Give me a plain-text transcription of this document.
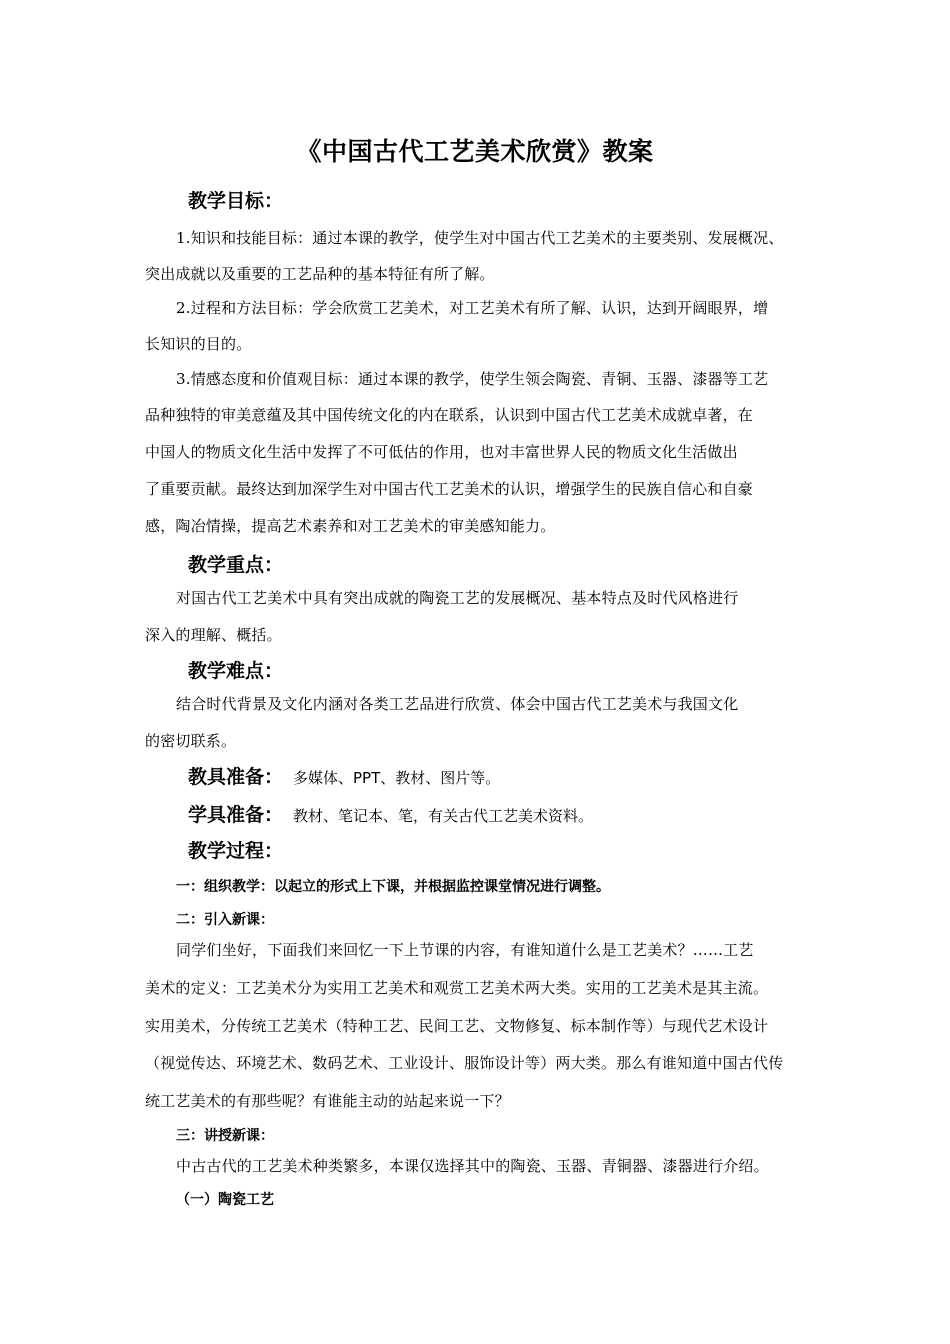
《中国古代工艺美术欣赏》教案
教学目标：
1.知识和技能目标：通过本课的教学，使学生对中国古代工艺美术的主要类别、发展概况、
突出成就以及重要的工艺品种的基本特征有所了解。
2.过程和方法目标：学会欣赏工艺美术，对工艺美术有所了解、认识，达到开阔眼界，增
长知识的目的。
3.情感态度和价值观目标：通过本课的教学，使学生领会陶瓷、青铜、玉器、漆器等工艺
品种独特的审美意蕴及其中国传统文化的内在联系，认识到中国古代工艺美术成就卓著，在
中国人的物质文化生活中发挥了不可低估的作用，也对丰富世界人民的物质文化生活做出
了重要贡献。最终达到加深学生对中国古代工艺美术的认识，增强学生的民族自信心和自豪
感，陶冶情操，提高艺术素养和对工艺美术的审美感知能力。
教学重点：
对国古代工艺美术中具有突出成就的陶瓷工艺的发展概况、基本特点及时代风格进行
深入的理解、概括。
教学难点：
结合时代背景及文化内涵对各类工艺品进行欣赏、体会中国古代工艺美术与我国文化
的密切联系。
教具准备： 多媒体、PPT、教材、图片等。
学具准备： 教材、笔记本、笔，有关古代工艺美术资料。
教学过程：
一：组织教学：以起立的形式上下课，并根据监控课堂情况进行调整。
二：引入新课：
同学们坐好，下面我们来回忆一下上节课的内容，有谁知道什么是工艺美术？……工艺
美术的定义：工艺美术分为实用工艺美术和观赏工艺美术两大类。实用的工艺美术是其主流。
实用美术，分传统工艺美术（特种工艺、民间工艺、文物修复、标本制作等）与现代艺术设计
（视觉传达、环境艺术、数码艺术、工业设计、服饰设计等）两大类。那么有谁知道中国古代传
统工艺美术的有那些呢？有谁能主动的站起来说一下？
三：讲授新课：
中古古代的工艺美术种类繁多，本课仅选择其中的陶瓷、玉器、青铜器、漆器进行介绍。
（一）陶瓷工艺
